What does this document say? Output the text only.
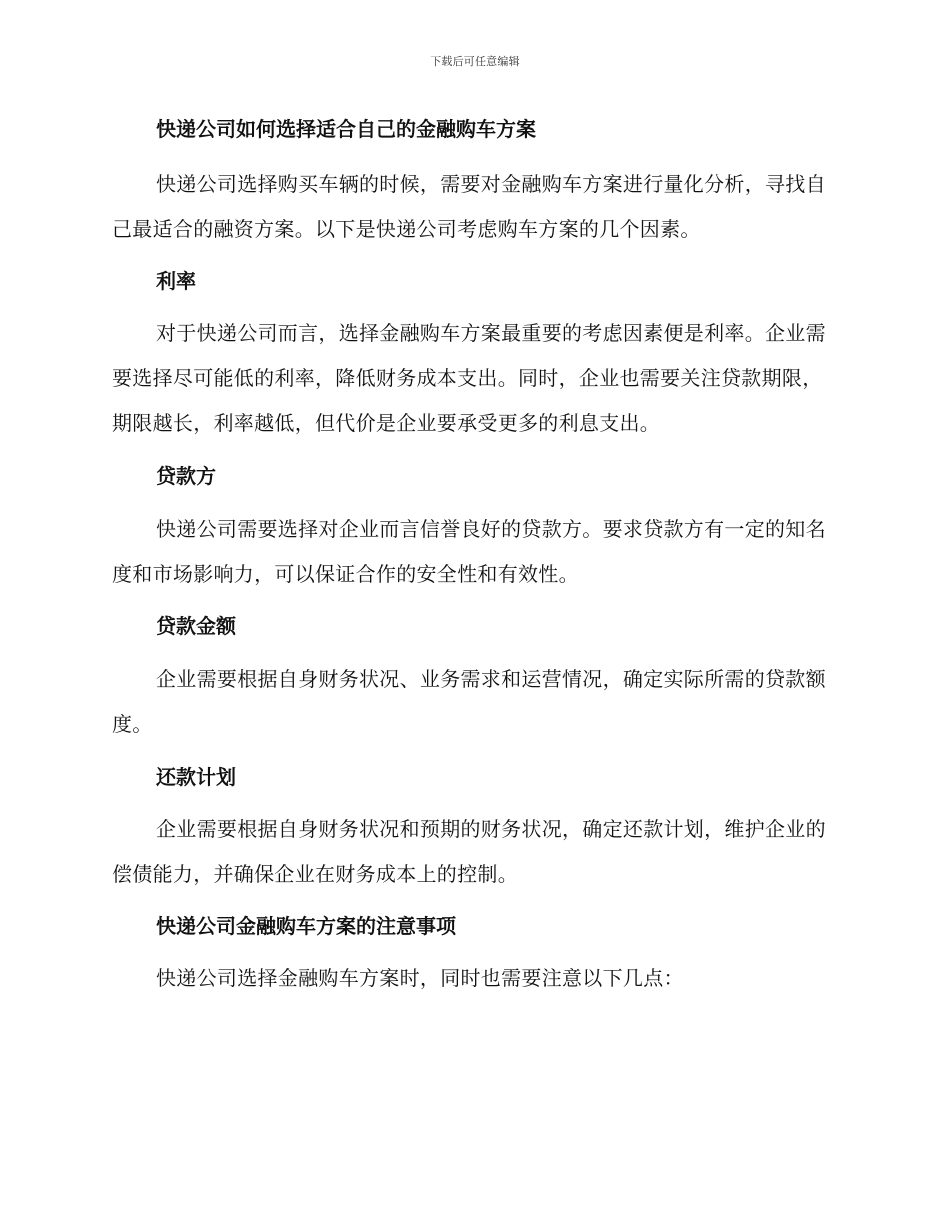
下载后可任意编辑
快递公司如何选择适合自己的金融购车方案

快递公司选择购买车辆的时候，需要对金融购车方案进行量化分析，寻找自己最适合的融资方案。以下是快递公司考虑购车方案的几个因素。

利率

对于快递公司而言，选择金融购车方案最重要的考虑因素便是利率。企业需要选择尽可能低的利率，降低财务成本支出。同时，企业也需要关注贷款期限，期限越长，利率越低，但代价是企业要承受更多的利息支出。

贷款方

快递公司需要选择对企业而言信誉良好的贷款方。要求贷款方有一定的知名度和市场影响力，可以保证合作的安全性和有效性。

贷款金额

企业需要根据自身财务状况、业务需求和运营情况，确定实际所需的贷款额度。

还款计划

企业需要根据自身财务状况和预期的财务状况，确定还款计划，维护企业的偿债能力，并确保企业在财务成本上的控制。

快递公司金融购车方案的注意事项

快递公司选择金融购车方案时，同时也需要注意以下几点：
